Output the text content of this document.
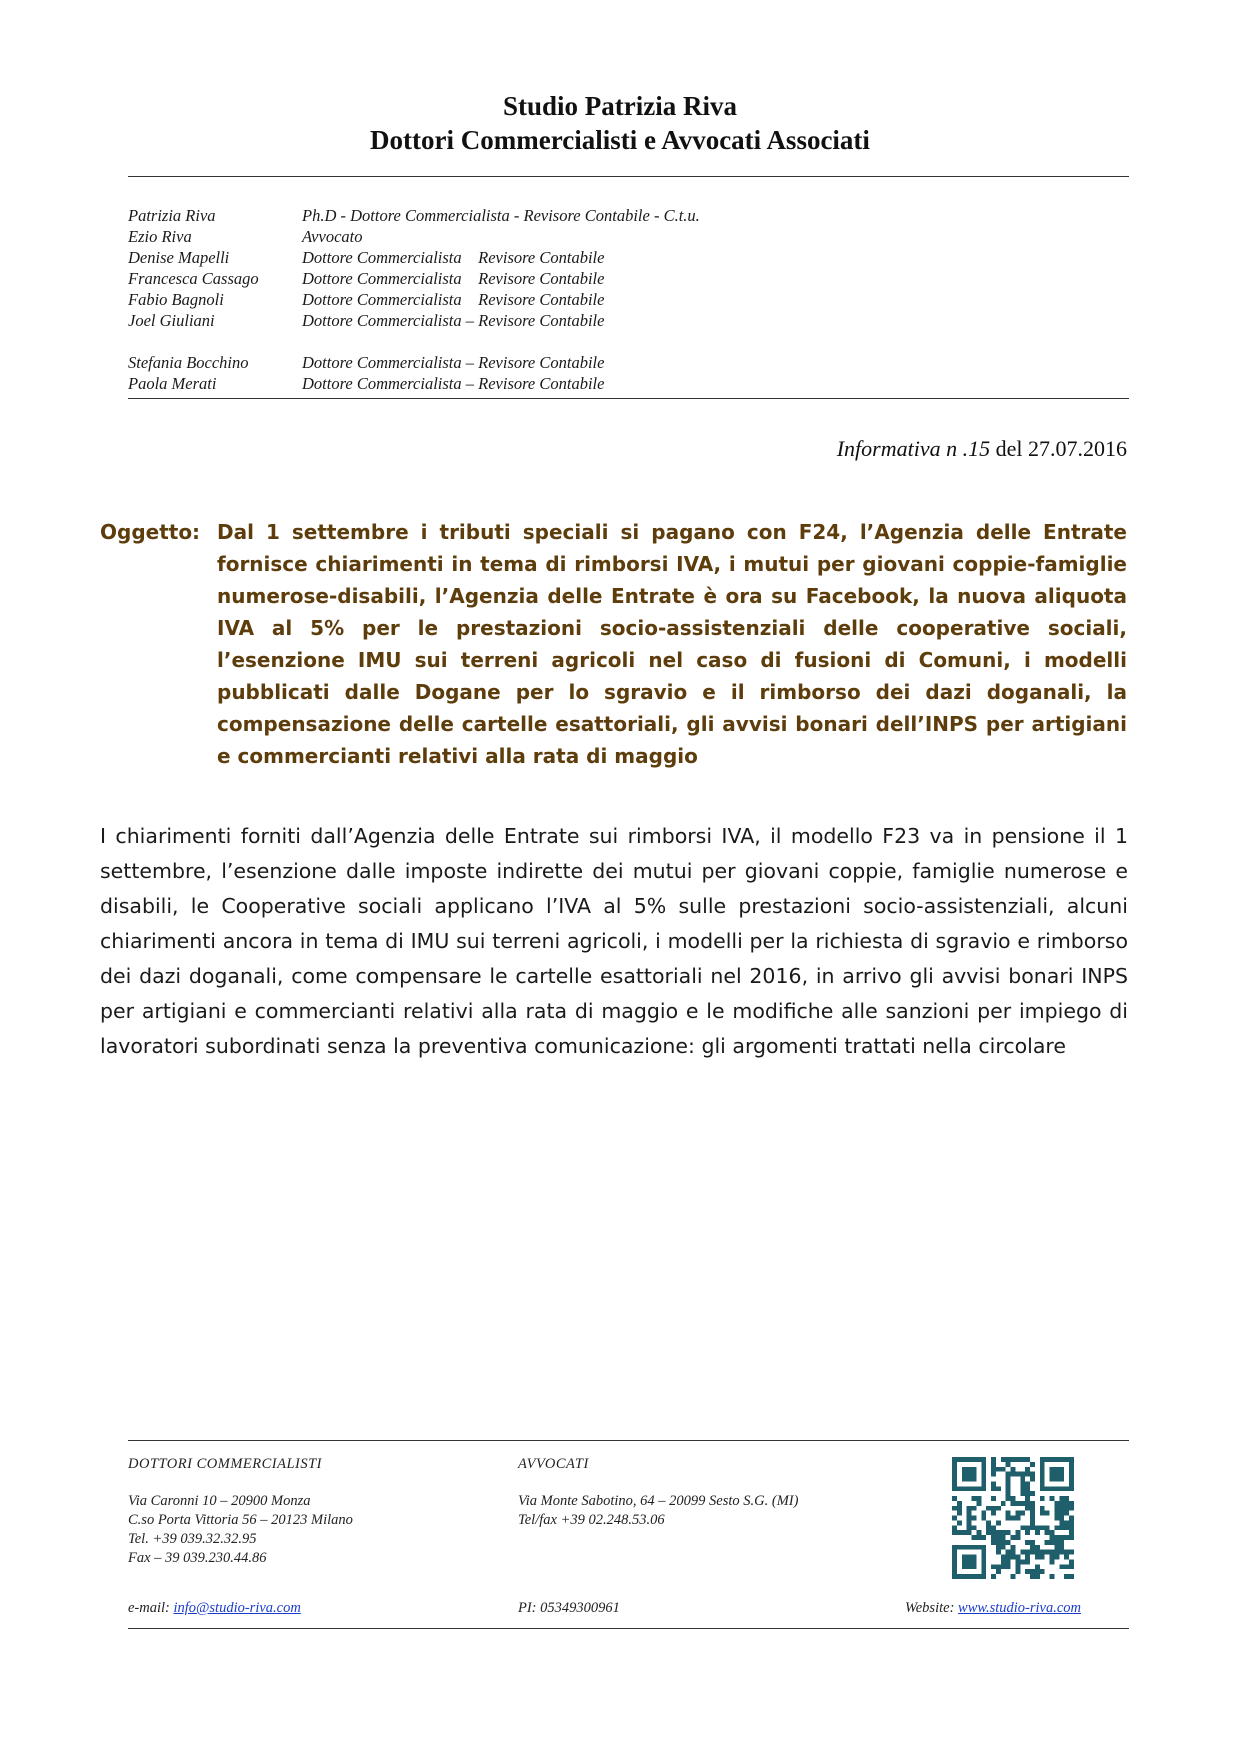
Studio Patrizia Riva
Dottori Commercialisti e Avvocati Associati
Patrizia Riva	Ph.D - Dottore Commercialista - Revisore Contabile - C.t.u.
Ezio Riva	Avvocato
Denise Mapelli	Dottore Commercialista    Revisore Contabile
Francesca Cassago	Dottore Commercialista    Revisore Contabile
Fabio Bagnoli	Dottore Commercialista    Revisore Contabile
Joel Giuliani	Dottore Commercialista – Revisore Contabile
Stefania Bocchino	Dottore Commercialista – Revisore Contabile
Paola Merati	Dottore Commercialista – Revisore Contabile
Informativa n .15 del 27.07.2016
Oggetto: Dal 1 settembre i tributi speciali si pagano con F24, l’Agenzia delle Entrate fornisce chiarimenti in tema di rimborsi IVA, i mutui per giovani coppie-famiglie numerose-disabili, l’Agenzia delle Entrate è ora su Facebook, la nuova aliquota IVA al 5% per le prestazioni socio-assistenziali delle cooperative sociali, l’esenzione IMU sui terreni agricoli nel caso di fusioni di Comuni, i modelli pubblicati dalle Dogane per lo sgravio e il rimborso dei dazi doganali, la compensazione delle cartelle esattoriali, gli avvisi bonari dell’INPS per artigiani e commercianti relativi alla rata di maggio
I chiarimenti forniti dall’Agenzia delle Entrate sui rimborsi IVA, il modello F23 va in pensione il 1 settembre, l’esenzione dalle imposte indirette dei mutui per giovani coppie, famiglie numerose e disabili, le Cooperative sociali applicano l’IVA al 5% sulle prestazioni socio-assistenziali, alcuni chiarimenti ancora in tema di IMU sui terreni agricoli, i modelli per la richiesta di sgravio e rimborso dei dazi doganali, come compensare le cartelle esattoriali nel 2016, in arrivo gli avvisi bonari INPS per artigiani e commercianti relativi alla rata di maggio e le modifiche alle sanzioni per impiego di lavoratori subordinati senza la preventiva comunicazione: gli argomenti trattati nella circolare
DOTTORI COMMERCIALISTI
Via Caronni 10 – 20900 Monza
C.so Porta Vittoria 56 – 20123 Milano
Tel. +39 039.32.32.95
Fax – 39 039.230.44.86
AVVOCATI
Via Monte Sabotino, 64 – 20099 Sesto S.G. (MI)
Tel/fax +39 02.248.53.06
e-mail: info@studio-riva.com	PI: 05349300961	Website: www.studio-riva.com
